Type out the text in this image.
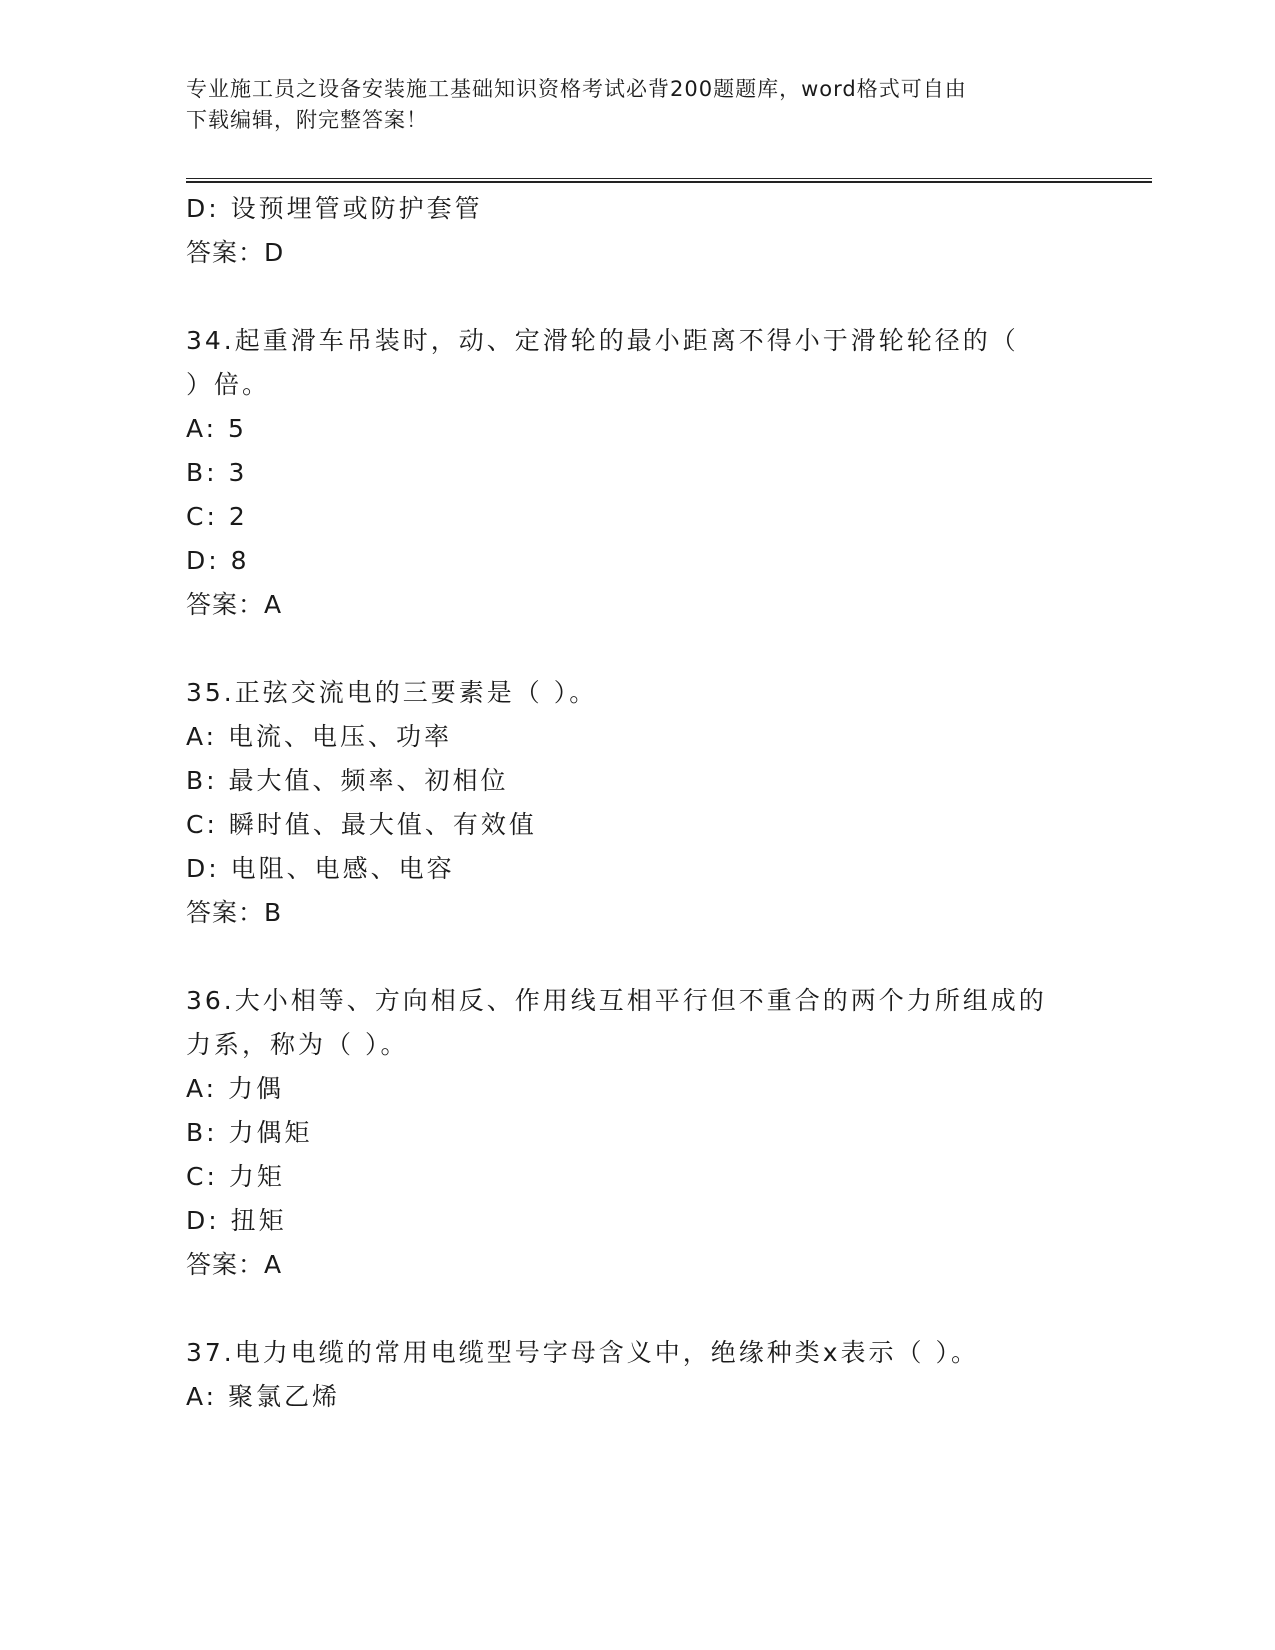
专业施工员之设备安装施工基础知识资格考试必背200题题库，word格式可自由
下载编辑，附完整答案！
D: 设预埋管或防护套管
答案：D
34.起重滑车吊装时，动、定滑轮的最小距离不得小于滑轮轮径的（
）倍。
A: 5
B: 3
C: 2
D: 8
答案：A
35.正弦交流电的三要素是（ ）。
A: 电流、电压、功率
B: 最大值、频率、初相位
C: 瞬时值、最大值、有效值
D: 电阻、电感、电容
答案：B
36.大小相等、方向相反、作用线互相平行但不重合的两个力所组成的
力系，称为（ ）。
A: 力偶
B: 力偶矩
C: 力矩
D: 扭矩
答案：A
37.电力电缆的常用电缆型号字母含义中，绝缘种类x表示（ ）。
A: 聚氯乙烯
